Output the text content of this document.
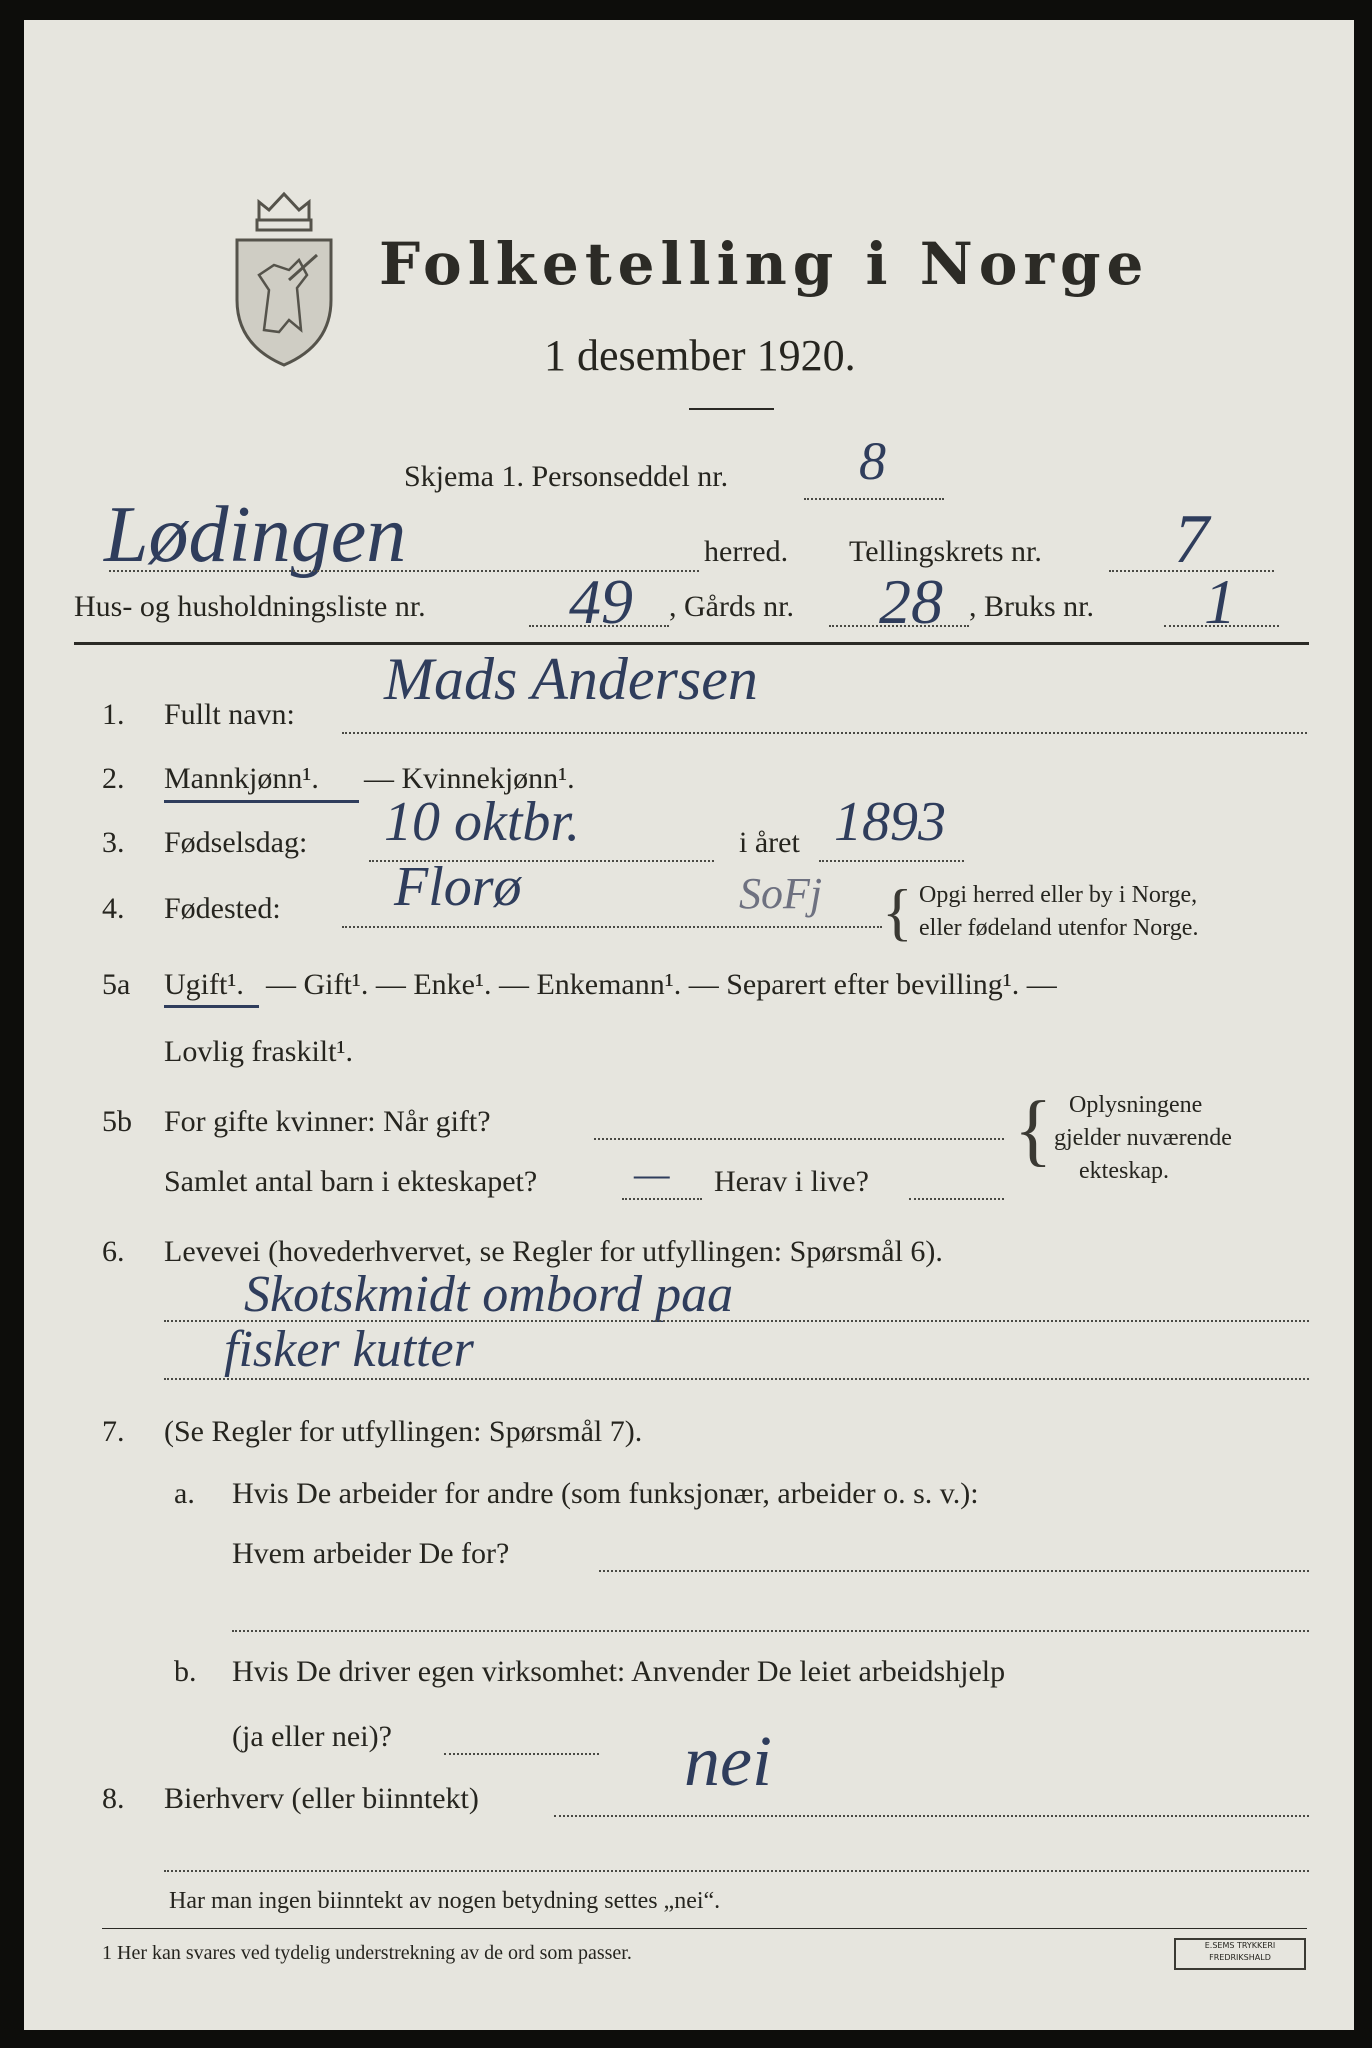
Folketelling i Norge
1 desember 1920.
Skjema 1. Personseddel nr. 8
Lødingen	herred. Tellingskrets nr. 7
Hus- og husholdningsliste nr. 49 , Gårds nr. 28 , Bruks nr. 1
1. Fullt navn:
Mads Andersen
2. Mannkjønn¹. — Kvinnekjønn¹.
3. Fødselsdag: 10 oktbr.	i året 1893
4. Fødested: Florø	SoFj { Opgi herred eller by i Norge,
eller fødeland utenfor Norge.
5a Ugift¹. — Gift¹. — Enke¹. — Enkemann¹. — Separert efter bevilling¹. —
Lovlig fraskilt¹.
5b For gifte kvinner: Når gift?
Samlet antal barn i ekteskapet? — Herav i live?
{ Oplysningene
gjelder nuværende
ekteskap.
6. Levevei (hovederhvervet, se Regler for utfyllingen: Spørsmål 6).
Skotskmidt ombord paa
fisker kutter
7. (Se Regler for utfyllingen: Spørsmål 7).
a. Hvis De arbeider for andre (som funksjonær, arbeider o. s. v.):
Hvem arbeider De for?
b. Hvis De driver egen virksomhet: Anvender De leiet arbeidshjelp
(ja eller nei)?
8. Bierhverv (eller biinntekt)	nei
Har man ingen biinntekt av nogen betydning settes „nei“.
1 Her kan svares ved tydelig understrekning av de ord som passer.	E.SEMS TRYKKERI FREDRIKSHALD
